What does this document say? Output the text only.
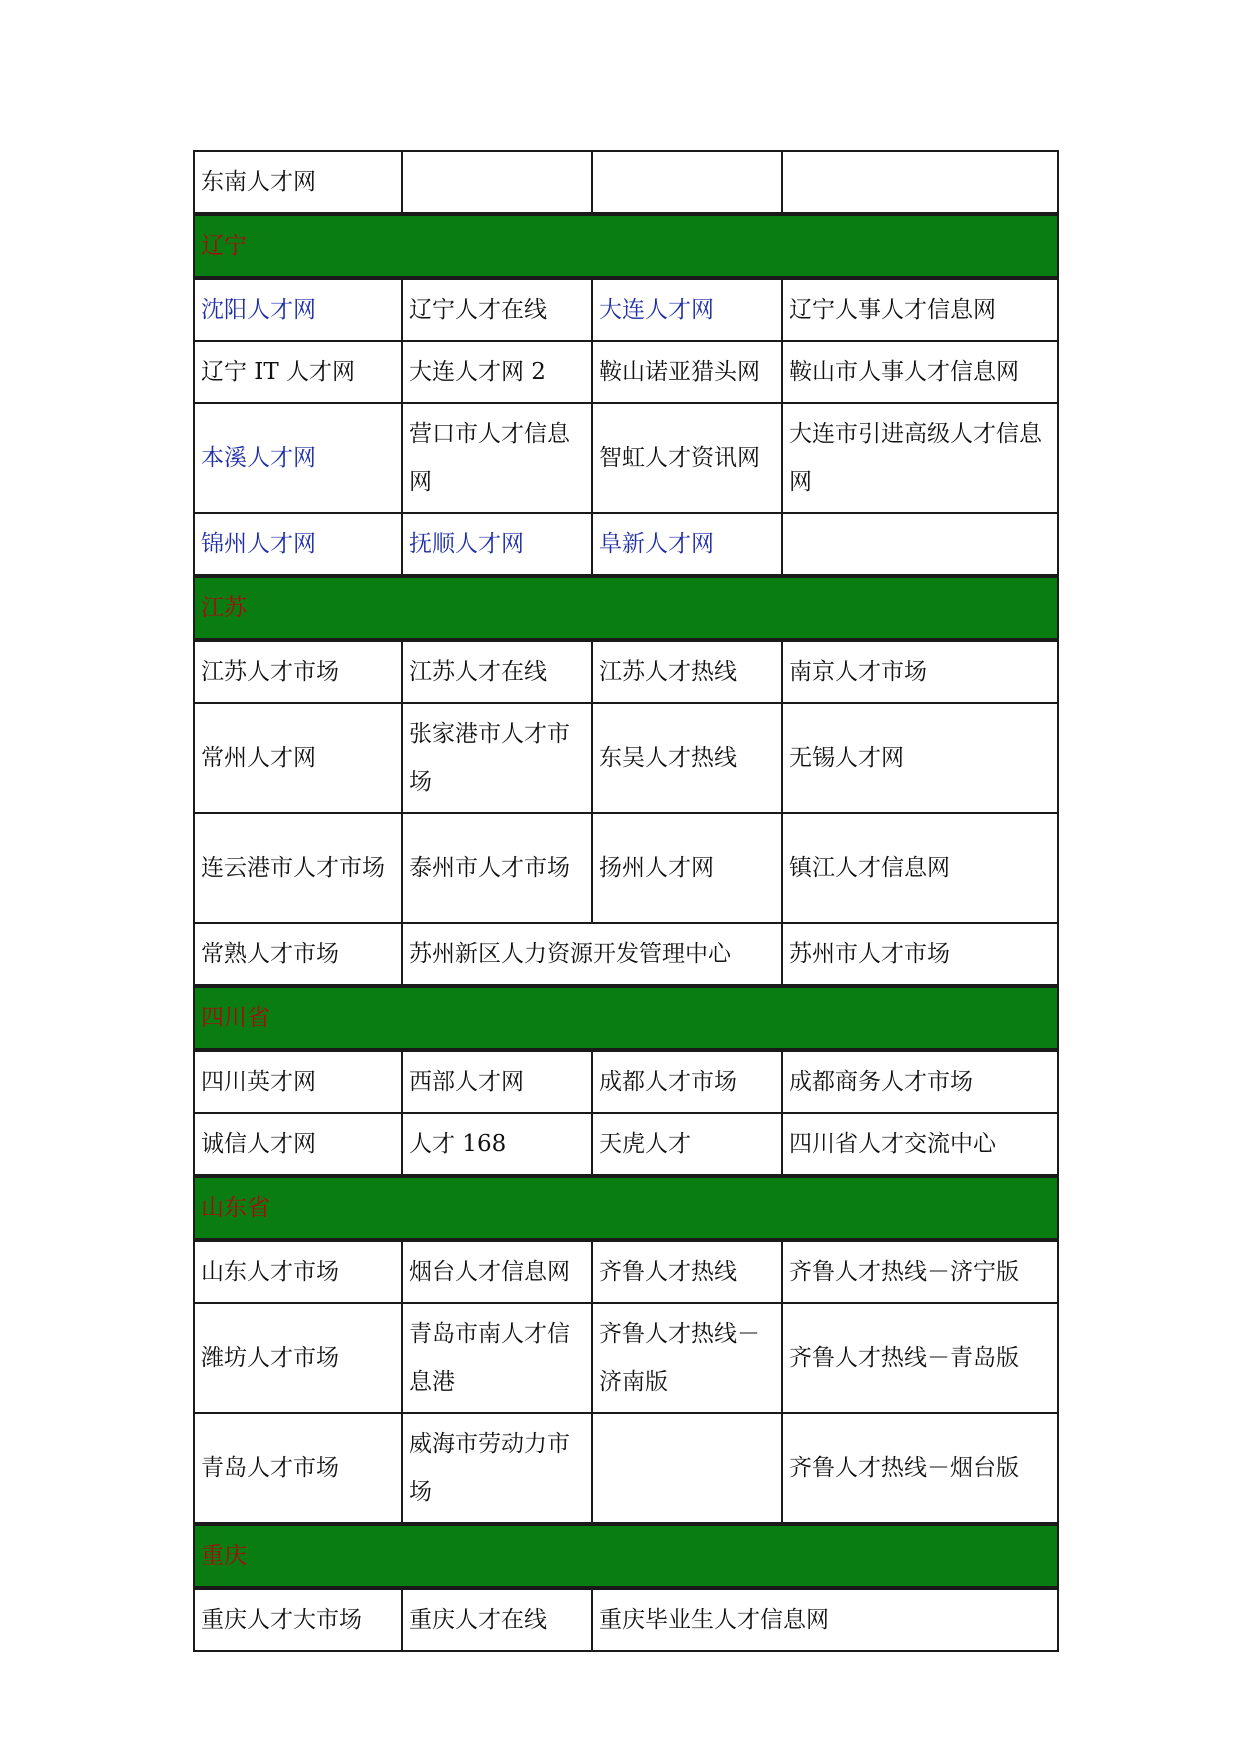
东南人才网			
辽宁			
沈阳人才网	辽宁人才在线	大连人才网	辽宁人事人才信息网
辽宁 IT 人才网	大连人才网 2	鞍山诺亚猎头网	鞍山市人事人才信息网
本溪人才网	营口市人才信息网	智虹人才资讯网	大连市引进高级人才信息网
锦州人才网	抚顺人才网	阜新人才网	
江苏			
江苏人才市场	江苏人才在线	江苏人才热线	南京人才市场
常州人才网	张家港市人才市场	东吴人才热线	无锡人才网
连云港市人才市场	泰州市人才市场	扬州人才网	镇江人才信息网
常熟人才市场	苏州新区人力资源开发管理中心		苏州市人才市场
四川省			
四川英才网	西部人才网	成都人才市场	成都商务人才市场
诚信人才网	人才 168	天虎人才	四川省人才交流中心
山东省			
山东人才市场	烟台人才信息网	齐鲁人才热线	齐鲁人才热线－济宁版
潍坊人才市场	青岛市南人才信息港	齐鲁人才热线－济南版	齐鲁人才热线－青岛版
青岛人才市场	威海市劳动力市场		齐鲁人才热线－烟台版
重庆			
重庆人才大市场	重庆人才在线	重庆毕业生人才信息网	
